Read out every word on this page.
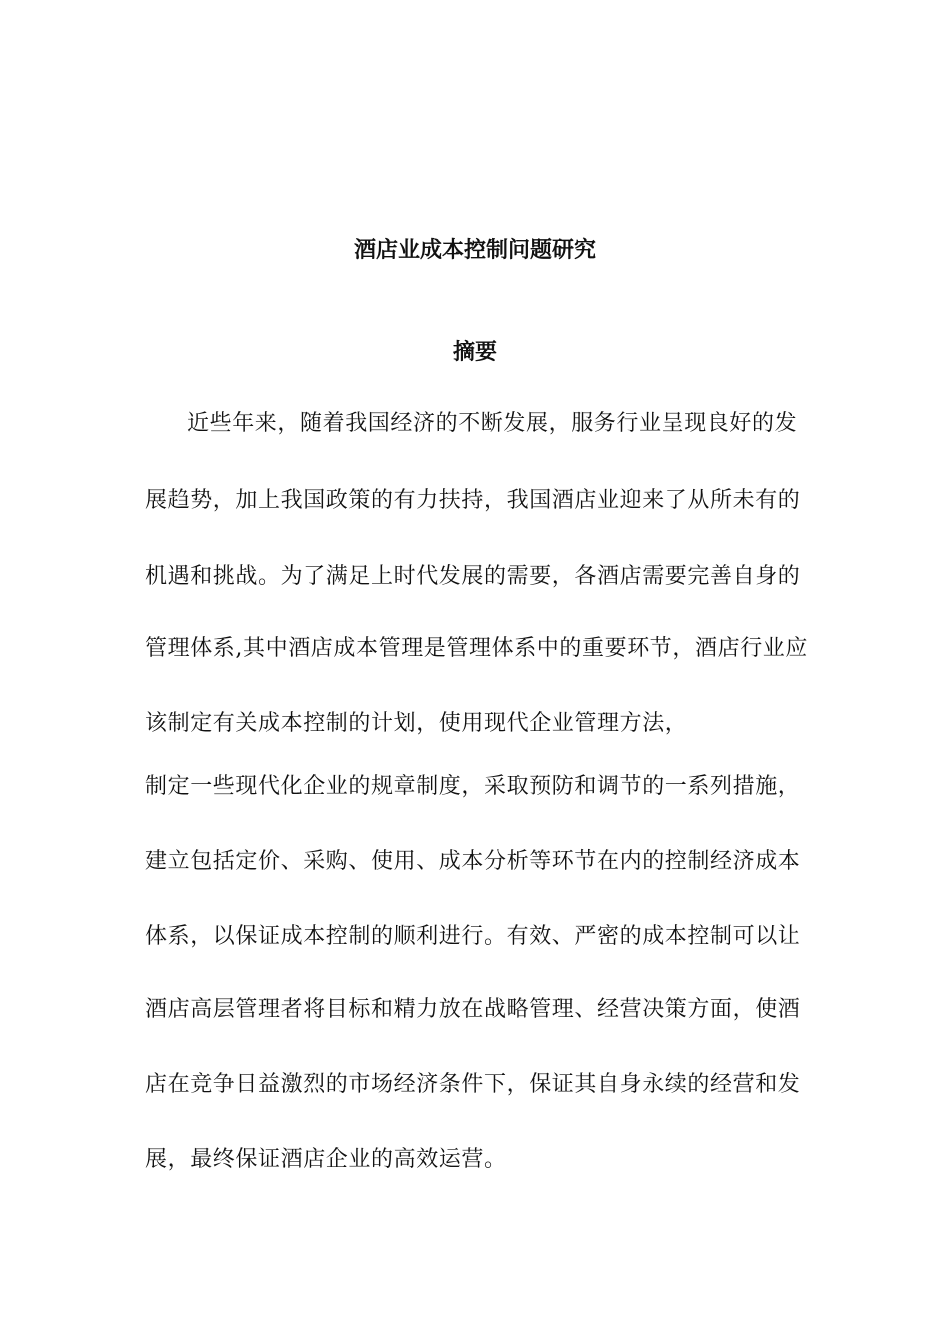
酒店业成本控制问题研究
摘要
近些年来，随着我国经济的不断发展，服务行业呈现良好的发
展趋势，加上我国政策的有力扶持，我国酒店业迎来了从所未有的
机遇和挑战。为了满足上时代发展的需要，各酒店需要完善自身的
管理体系,其中酒店成本管理是管理体系中的重要环节，酒店行业应
该制定有关成本控制的计划，使用现代企业管理方法，
制定一些现代化企业的规章制度，采取预防和调节的一系列措施，
建立包括定价、采购、使用、成本分析等环节在内的控制经济成本
体系，以保证成本控制的顺利进行。有效、严密的成本控制可以让
酒店高层管理者将目标和精力放在战略管理、经营决策方面，使酒
店在竞争日益激烈的市场经济条件下，保证其自身永续的经营和发
展，最终保证酒店企业的高效运营。
